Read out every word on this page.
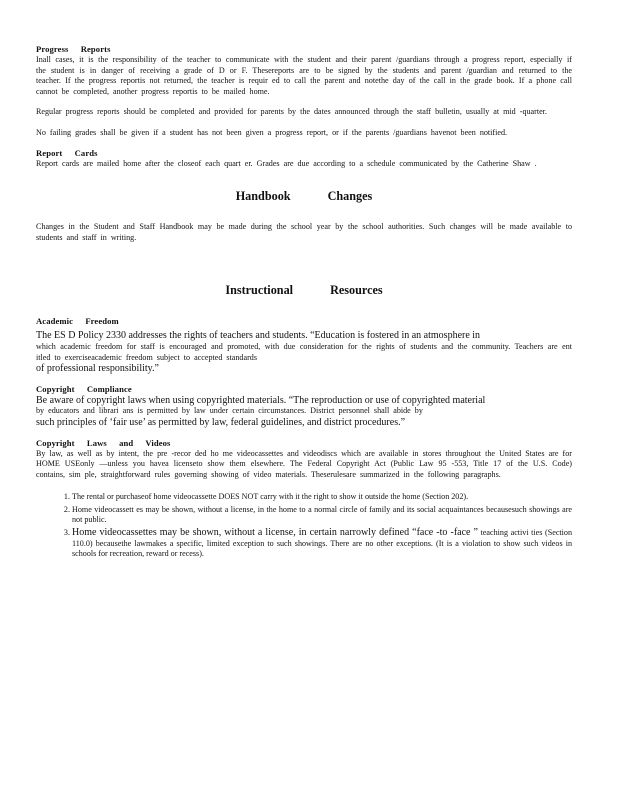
Progress Reports

Inall cases, it is the responsibility of the teacher to communicate with the student and their parent /guardians through a progress report, especially if the student is in danger of receiving a grade of D or F. Thesereports are to be signed by the students and parent /guardian and returned to the teacher. If the progress reportis not returned, the teacher is requir ed to call the parent and notethe day of the call in the grade book. If a phone call cannot be completed, another progress reportis to be mailed home.

Regular progress reports should be completed and provided for parents by the dates announced through the staff bulletin, usually at mid -quarter.

No failing grades shall be given if a student has not been given a progress report, or if the parents /guardians havenot been notified.

Report Cards

Report cards are mailed home after the closeof each quart er. Grades are due according to a schedule communicated by the Catherine Shaw .

Handbook Changes

Changes in the Student and Staff Handbook may be made during the school year by the school authorities. Such changes will be made available to students and staff in writing.

Instructional Resources
Academic Freedom

The ES D Policy 2330 addresses the rights of teachers and students. “Education is fostered in an atmosphere in

which academic freedom for staff is encouraged and promoted, with due consideration for the rights of students and the community. Teachers are ent itled to exerciseacademic freedom subject to accepted standards

of professional responsibility.”

Copyright Compliance

Be aware of copyright laws when using copyrighted materials. “The reproduction or use of copyrighted material

by educators and librari ans is permitted by law under certain circumstances. District personnel shall abide by

such principles of ‘fair use’ as permitted by law, federal guidelines, and district procedures.”

Copyright Laws and Videos

By law, as well as by intent, the pre -recor ded ho me videocassettes and videodiscs which are available in stores throughout the United States are for HOME USEonly —unless you havea licenseto show them elsewhere. The Federal Copyright Act (Public Law 95 -553, Title 17 of the U.S. Code) contains, sim ple, straightforward rules governing showing of video materials. Theserulesare summarized in the following paragraphs.

1. The rental or purchaseof home videocassette DOES NOT carry with it the right to show it outside the home (Section 202).
2. Home videocassett es may be shown, without a license, in the home to a normal circle of family and its social acquaintances becausesuch showings are not public.
3. Home videocassettes may be shown, without a license, in certain narrowly defined “face -to -face ” teaching activi ties (Section 110.0) becausethe lawmakes a specific, limited exception to such showings. There are no other exceptions. (It is a violation to show such videos in schools for recreation, reward or recess).
